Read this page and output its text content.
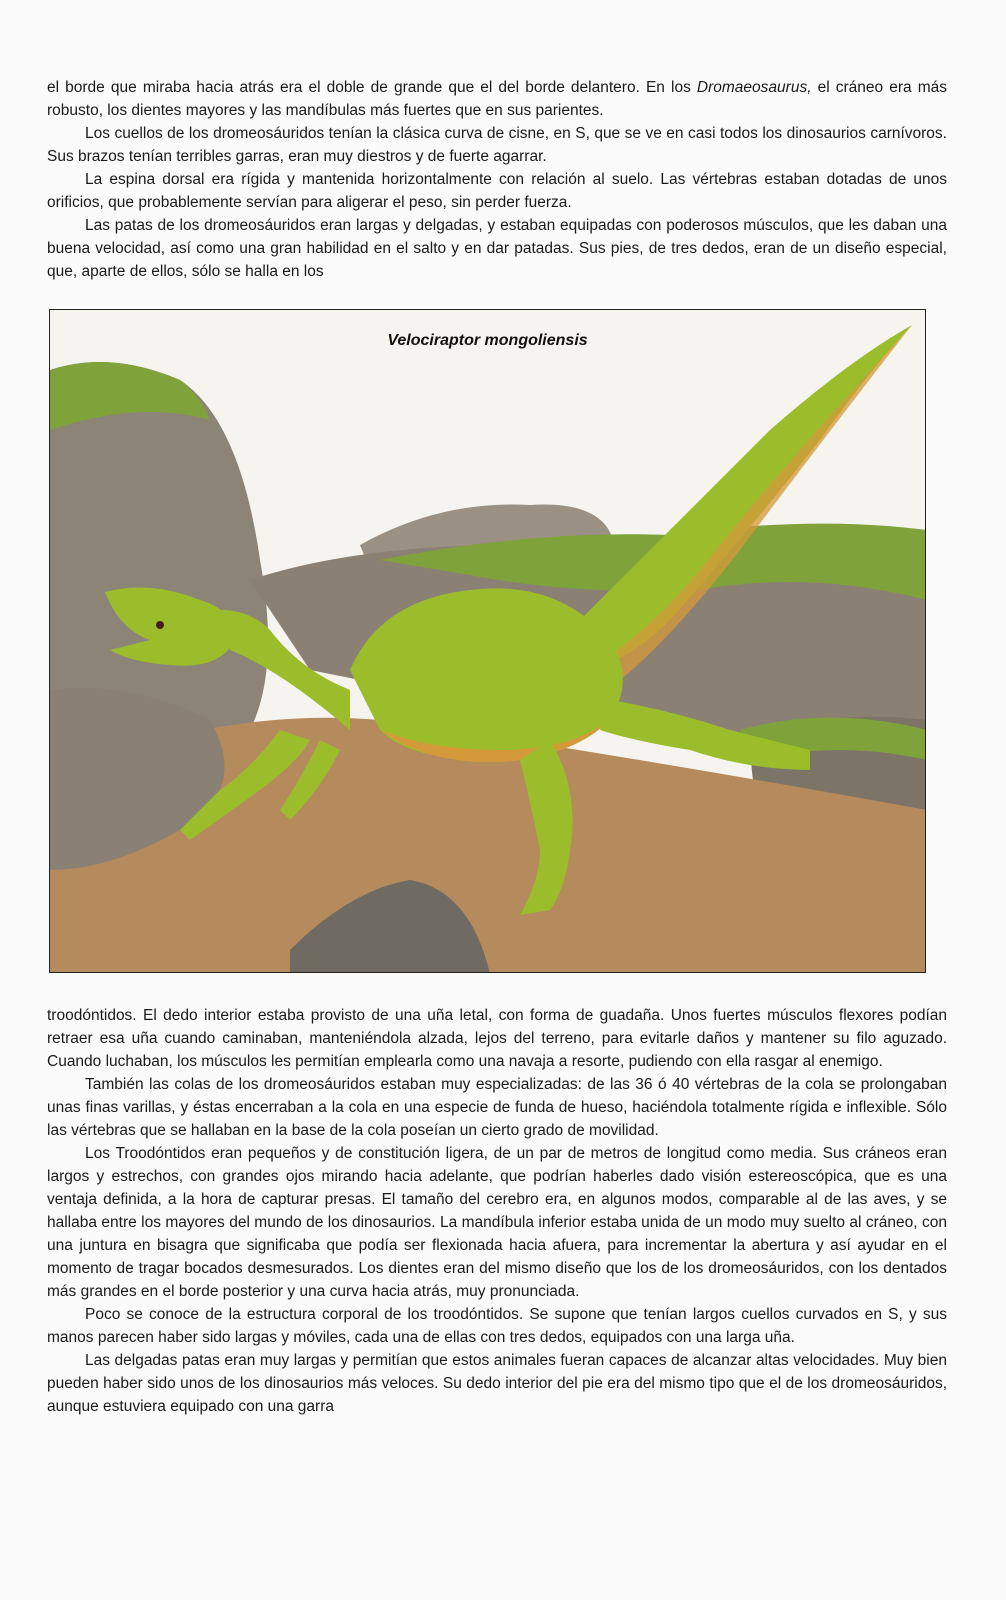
el borde que miraba hacia atrás era el doble de grande que el del borde delantero. En los Dromaeosaurus, el cráneo era más robusto, los dientes mayores y las mandíbulas más fuertes que en sus parientes.

Los cuellos de los dromeosáuridos tenían la clásica curva de cisne, en S, que se ve en casi todos los dinosaurios carnívoros. Sus brazos tenían terribles garras, eran muy diestros y de fuerte agarrar.

La espina dorsal era rígida y mantenida horizontalmente con relación al suelo. Las vértebras estaban dotadas de unos orificios, que probablemente servían para aligerar el peso, sin perder fuerza.

Las patas de los dromeosáuridos eran largas y delgadas, y estaban equipadas con poderosos músculos, que les daban una buena velocidad, así como una gran habilidad en el salto y en dar patadas. Sus pies, de tres dedos, eran de un diseño especial, que, aparte de ellos, sólo se halla en los

Velociraptor mongoliensis

troodóntidos. El dedo interior estaba provisto de una uña letal, con forma de guadaña. Unos fuertes músculos flexores podían retraer esa uña cuando caminaban, manteniéndola alzada, lejos del terreno, para evitarle daños y mantener su filo aguzado. Cuando luchaban, los músculos les permitían emplearla como una navaja a resorte, pudiendo con ella rasgar al enemigo.

También las colas de los dromeosáuridos estaban muy especializadas: de las 36 ó 40 vértebras de la cola se prolongaban unas finas varillas, y éstas encerraban a la cola en una especie de funda de hueso, haciéndola totalmente rígida e inflexible. Sólo las vértebras que se hallaban en la base de la cola poseían un cierto grado de movilidad.

Los Troodóntidos eran pequeños y de constitución ligera, de un par de metros de longitud como media. Sus cráneos eran largos y estrechos, con grandes ojos mirando hacia adelante, que podrían haberles dado visión estereoscópica, que es una ventaja definida, a la hora de capturar presas. El tamaño del cerebro era, en algunos modos, comparable al de las aves, y se hallaba entre los mayores del mundo de los dinosaurios. La mandíbula inferior estaba unida de un modo muy suelto al cráneo, con una juntura en bisagra que significaba que podía ser flexionada hacia afuera, para incrementar la abertura y así ayudar en el momento de tragar bocados desmesurados. Los dientes eran del mismo diseño que los de los dromeosáuridos, con los dentados más grandes en el borde posterior y una curva hacia atrás, muy pronunciada.

Poco se conoce de la estructura corporal de los troodóntidos. Se supone que tenían largos cuellos curvados en S, y sus manos parecen haber sido largas y móviles, cada una de ellas con tres dedos, equipados con una larga uña.

Las delgadas patas eran muy largas y permitían que estos animales fueran capaces de alcanzar altas velocidades. Muy bien pueden haber sido unos de los dinosaurios más veloces. Su dedo interior del pie era del mismo tipo que el de los dromeosáuridos, aunque estuviera equipado con una garra
